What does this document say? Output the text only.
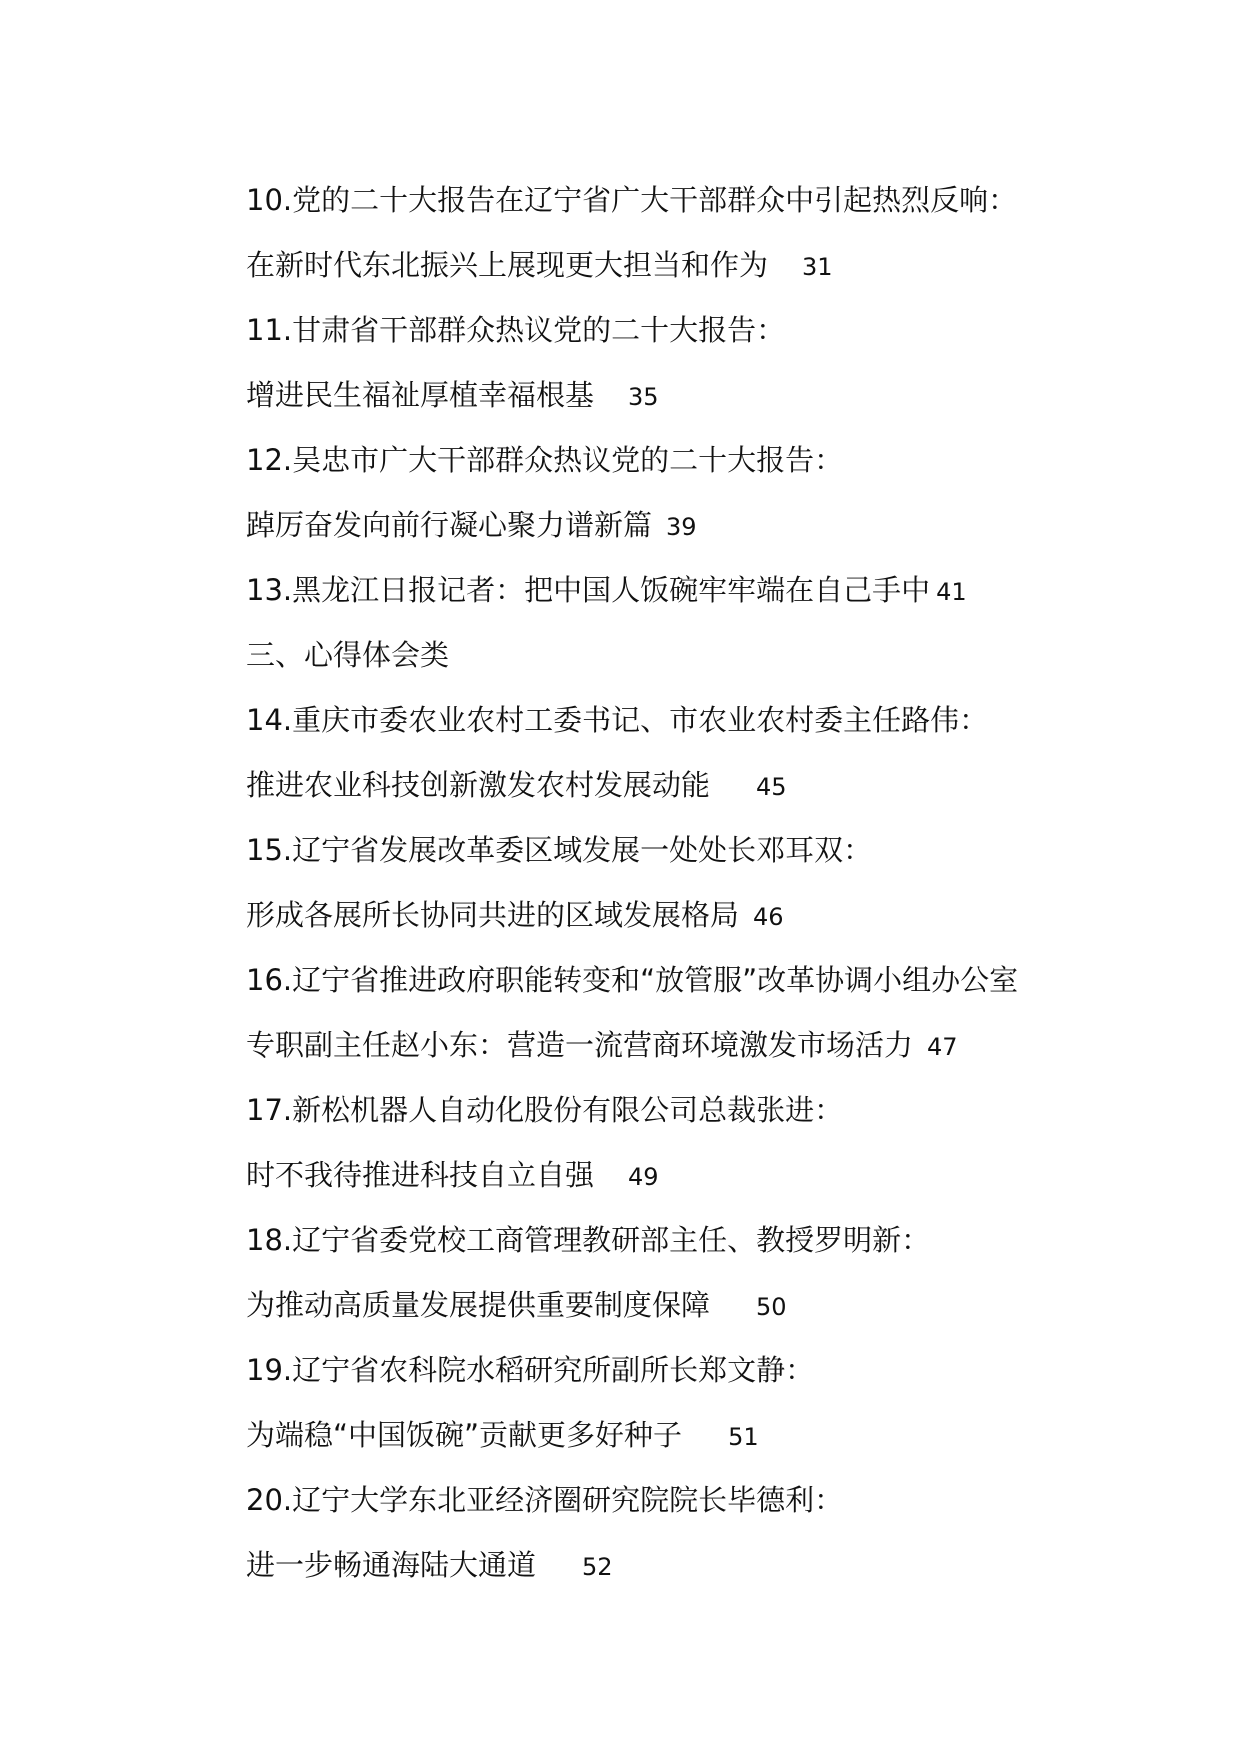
10.党的二十大报告在辽宁省广大干部群众中引起热烈反响：
在新时代东北振兴上展现更大担当和作为 31
11.甘肃省干部群众热议党的二十大报告：
增进民生福祉厚植幸福根基 35
12.吴忠市广大干部群众热议党的二十大报告：
踔厉奋发向前行凝心聚力谱新篇 39
13.黑龙江日报记者：把中国人饭碗牢牢端在自己手中 41
三、心得体会类
14.重庆市委农业农村工委书记、市农业农村委主任路伟：
推进农业科技创新激发农村发展动能 45
15.辽宁省发展改革委区域发展一处处长邓耳双：
形成各展所长协同共进的区域发展格局 46
16.辽宁省推进政府职能转变和“放管服”改革协调小组办公室
专职副主任赵小东：营造一流营商环境激发市场活力 47
17.新松机器人自动化股份有限公司总裁张进：
时不我待推进科技自立自强 49
18.辽宁省委党校工商管理教研部主任、教授罗明新：
为推动高质量发展提供重要制度保障 50
19.辽宁省农科院水稻研究所副所长郑文静：
为端稳“中国饭碗”贡献更多好种子 51
20.辽宁大学东北亚经济圈研究院院长毕德利：
进一步畅通海陆大通道 52
